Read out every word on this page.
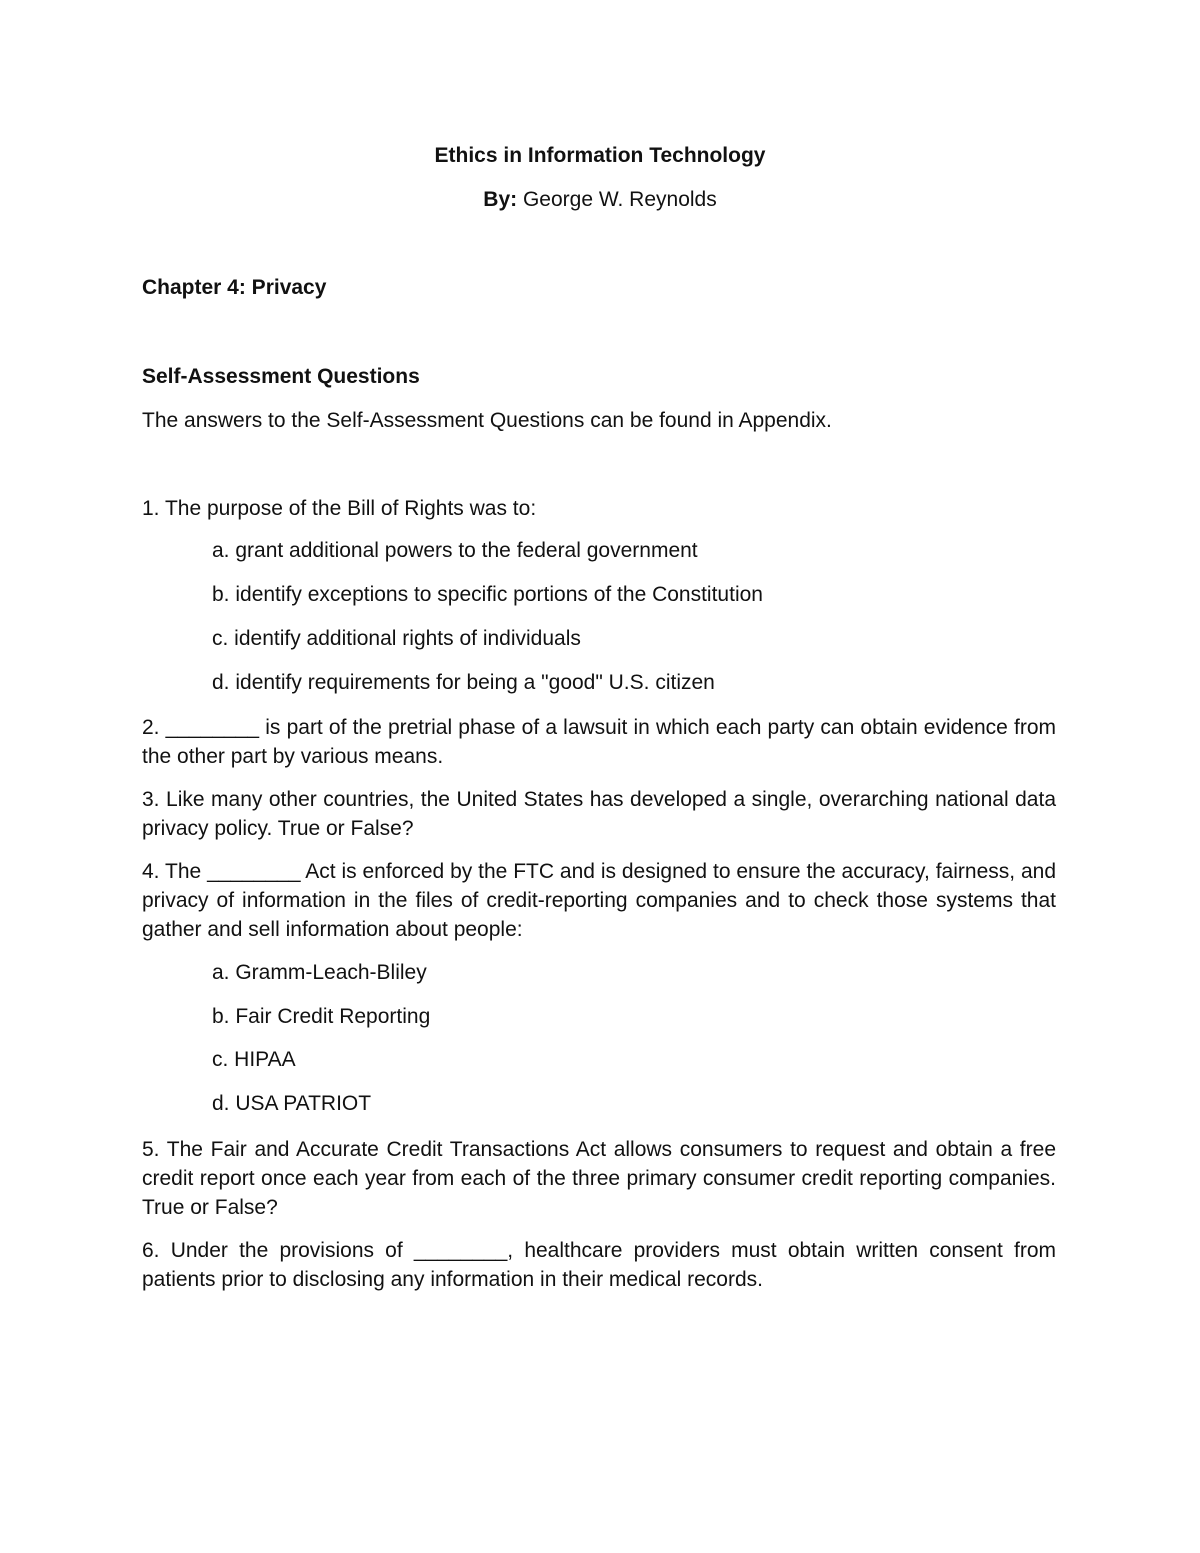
Ethics in Information Technology
By: George W. Reynolds
Chapter 4: Privacy
Self-Assessment Questions
The answers to the Self-Assessment Questions can be found in Appendix.
1. The purpose of the Bill of Rights was to:
a. grant additional powers to the federal government
b. identify exceptions to specific portions of the Constitution
c. identify additional rights of individuals
d. identify requirements for being a "good" U.S. citizen
2. ________ is part of the pretrial phase of a lawsuit in which each party can obtain evidence from the other part by various means.
3. Like many other countries, the United States has developed a single, overarching national data privacy policy. True or False?
4. The ________ Act is enforced by the FTC and is designed to ensure the accuracy, fairness, and privacy of information in the files of credit-reporting companies and to check those systems that gather and sell information about people:
a. Gramm-Leach-Bliley
b. Fair Credit Reporting
c. HIPAA
d. USA PATRIOT
5. The Fair and Accurate Credit Transactions Act allows consumers to request and obtain a free credit report once each year from each of the three primary consumer credit reporting companies. True or False?
6. Under the provisions of ________, healthcare providers must obtain written consent from patients prior to disclosing any information in their medical records.
